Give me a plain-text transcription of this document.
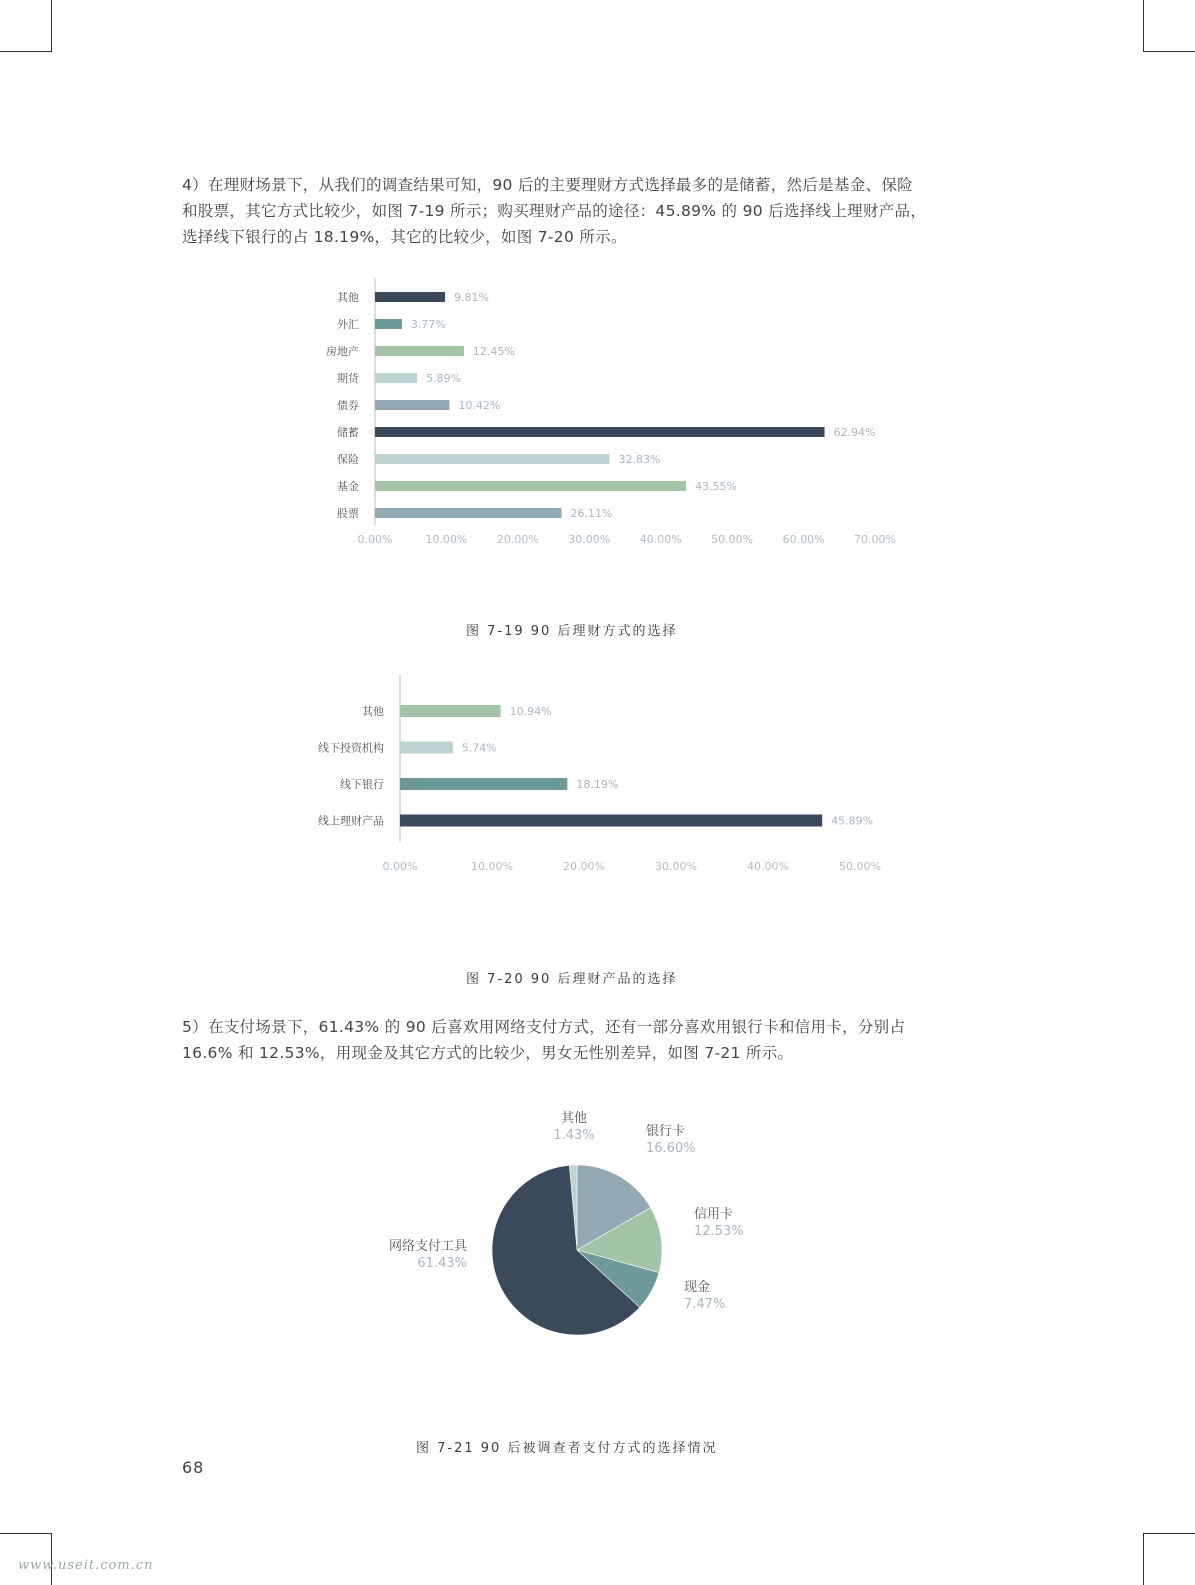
4）在理财场景下，从我们的调查结果可知，90 后的主要理财方式选择最多的是储蓄，然后是基金、保险
和股票，其它方式比较少，如图 7-19 所示；购买理财产品的途径：45.89% 的 90 后选择线上理财产品，
选择线下银行的占 18.19%，其它的比较少，如图 7-20 所示。
其他	9.81%
外汇	3.77%
房地产	12.45%
期货	5.89%
债券	10.42%
储蓄	62.94%
保险	32.83%
基金	43.55%
股票	26.11%
0.00%	10.00%	20.00%	30.00%	40.00%	50.00%	60.00%	70.00%
图 7-19 90 后理财方式的选择
其他	10.94%
线下投资机构	5.74%
线下银行	18.19%
线上理财产品	45.89%
0.00%	10.00%	20.00%	30.00%	40.00%	50.00%
图 7-20 90 后理财产品的选择
5）在支付场景下，61.43% 的 90 后喜欢用网络支付方式，还有一部分喜欢用银行卡和信用卡，分别占
16.6% 和 12.53%，用现金及其它方式的比较少，男女无性别差异，如图 7-21 所示。
其他
1.43%	银行卡
16.60%
信用卡
12.53%
现金
7.47%
网络支付工具
61.43%
图 7-21 90 后被调查者支付方式的选择情况
68
www.useit.com.cn
